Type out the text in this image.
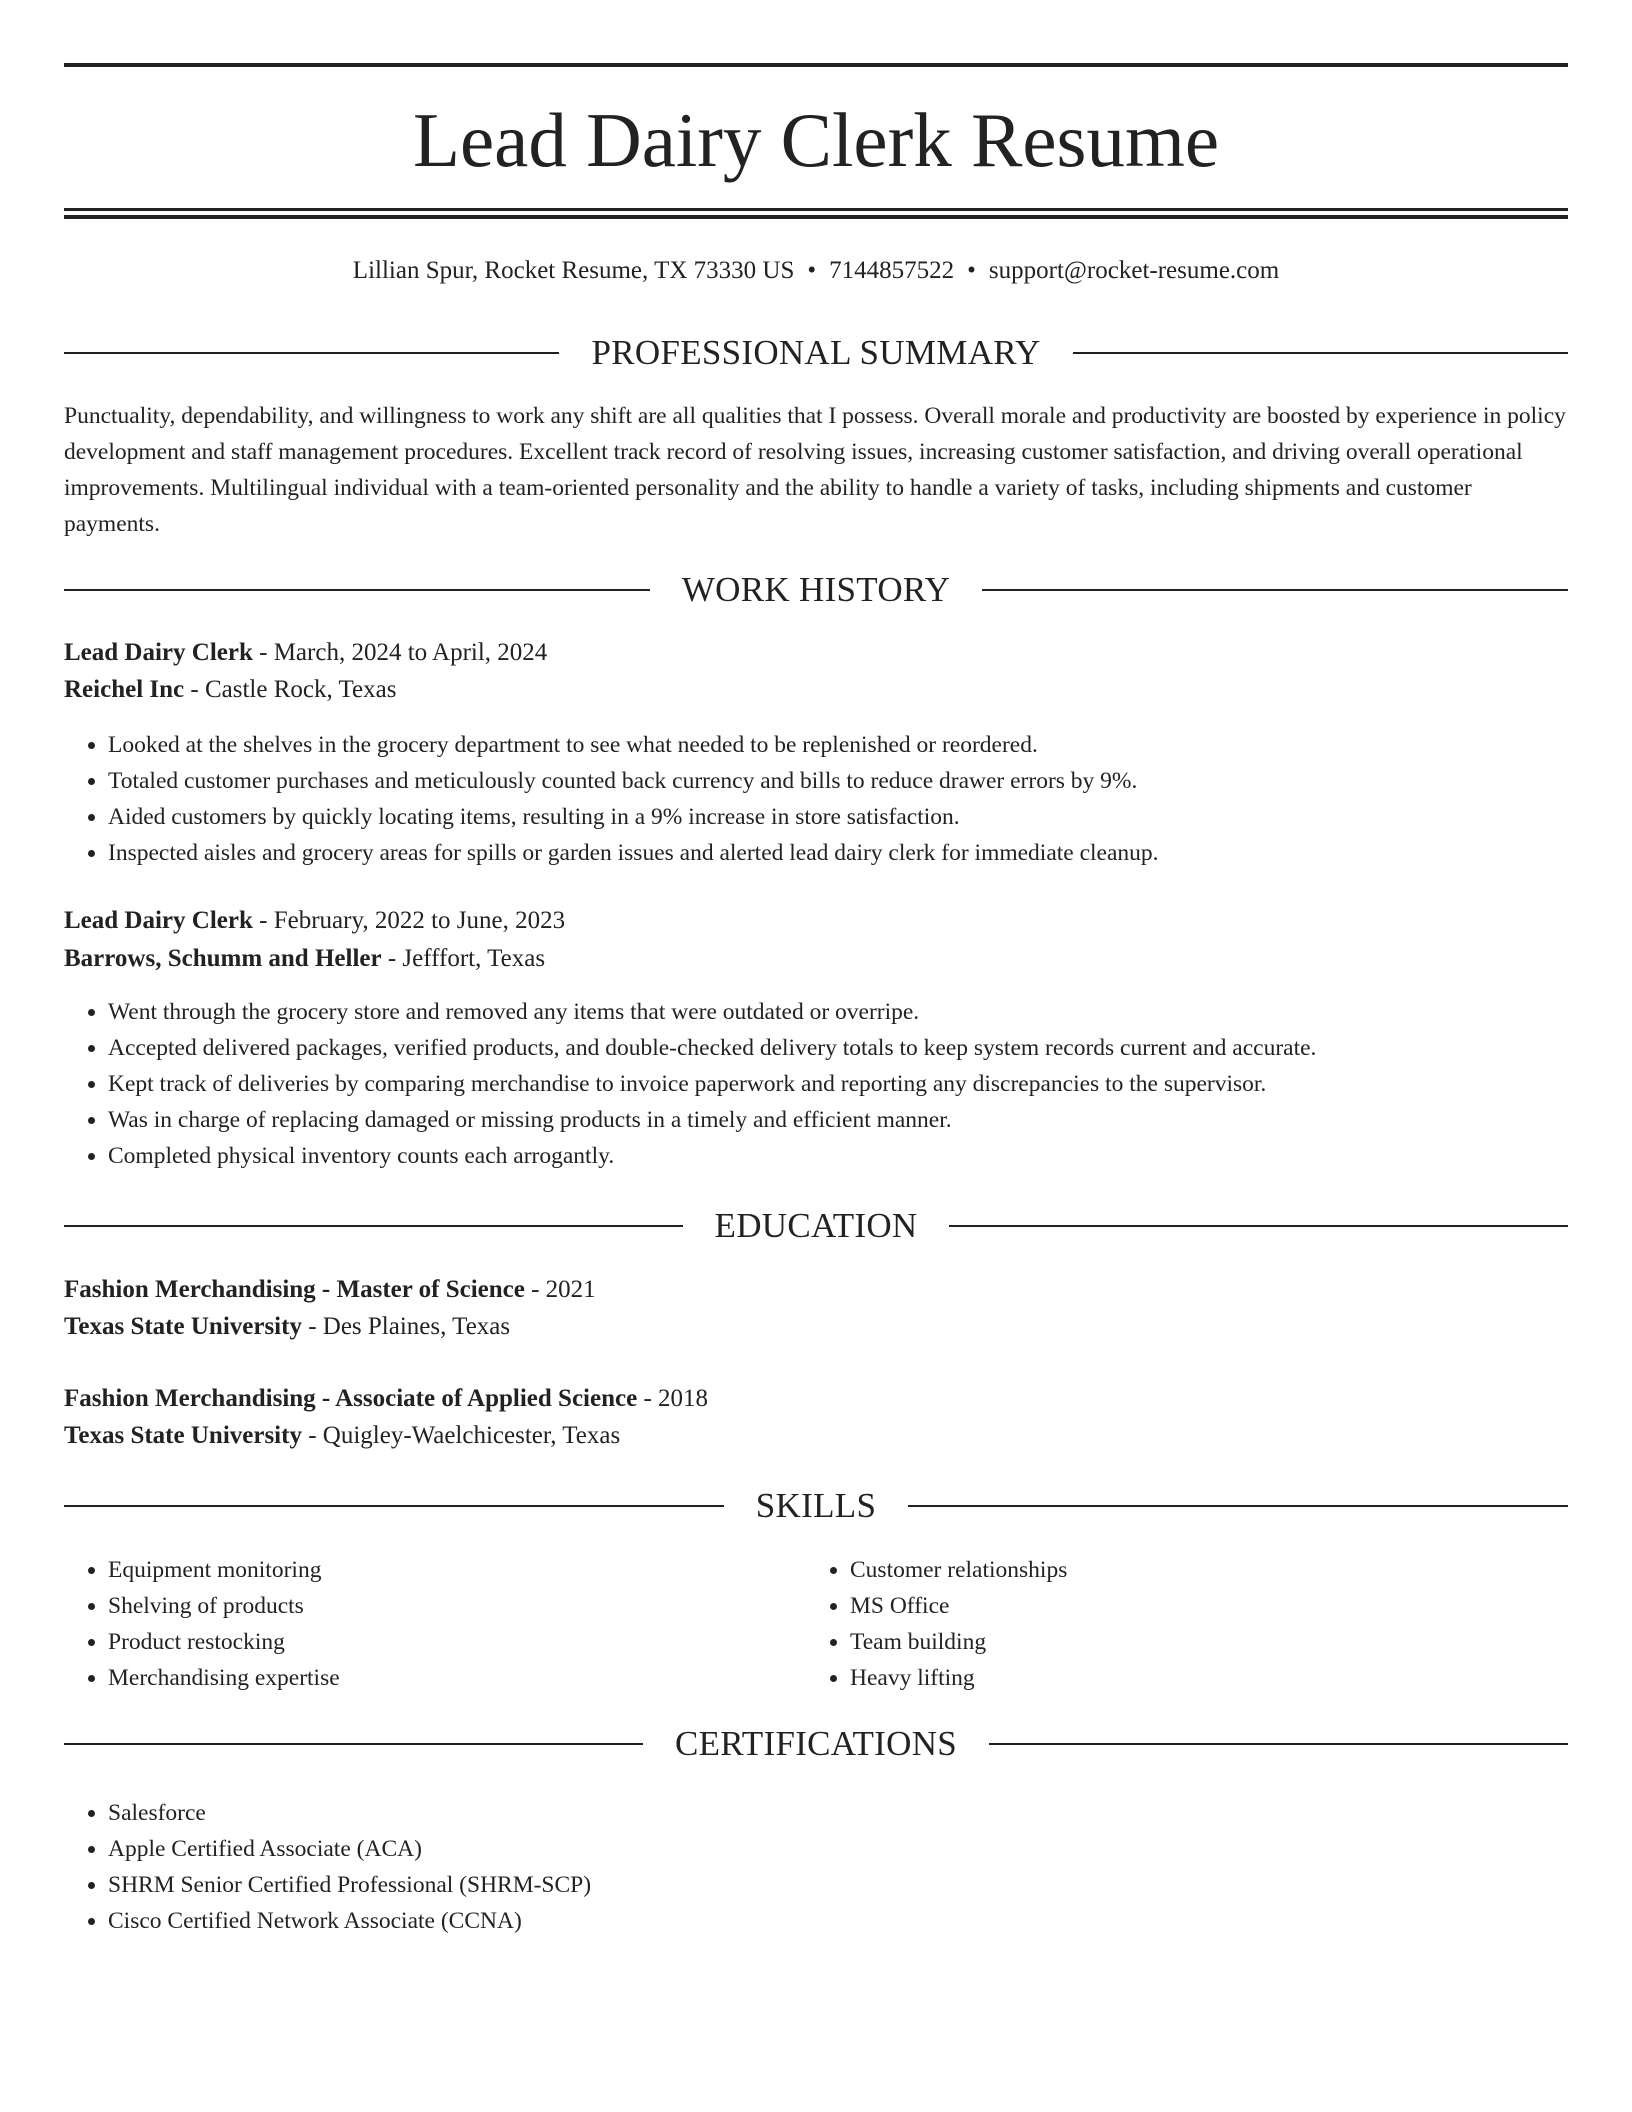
Lead Dairy Clerk Resume
Lillian Spur, Rocket Resume, TX 73330 US • 7144857522 • support@rocket-resume.com
PROFESSIONAL SUMMARY

Punctuality, dependability, and willingness to work any shift are all qualities that I possess. Overall morale and productivity are boosted by experience in policy development and staff management procedures. Excellent track record of resolving issues, increasing customer satisfaction, and driving overall operational improvements. Multilingual individual with a team-oriented personality and the ability to handle a variety of tasks, including shipments and customer payments.

WORK HISTORY
Lead Dairy Clerk - March, 2024 to April, 2024
Reichel Inc - Castle Rock, Texas
• Looked at the shelves in the grocery department to see what needed to be replenished or reordered.
• Totaled customer purchases and meticulously counted back currency and bills to reduce drawer errors by 9%.
• Aided customers by quickly locating items, resulting in a 9% increase in store satisfaction.
• Inspected aisles and grocery areas for spills or garden issues and alerted lead dairy clerk for immediate cleanup.
Lead Dairy Clerk - February, 2022 to June, 2023
Barrows, Schumm and Heller - Jefffort, Texas
• Went through the grocery store and removed any items that were outdated or overripe.
• Accepted delivered packages, verified products, and double-checked delivery totals to keep system records current and accurate.
• Kept track of deliveries by comparing merchandise to invoice paperwork and reporting any discrepancies to the supervisor.
• Was in charge of replacing damaged or missing products in a timely and efficient manner.
• Completed physical inventory counts each arrogantly.
EDUCATION
Fashion Merchandising - Master of Science - 2021
Texas State University - Des Plaines, Texas
Fashion Merchandising - Associate of Applied Science - 2018
Texas State University - Quigley-Waelchicester, Texas
SKILLS
• Equipment monitoring
• Shelving of products
• Product restocking
• Merchandising expertise
• Customer relationships
• MS Office
• Team building
• Heavy lifting
CERTIFICATIONS
• Salesforce
• Apple Certified Associate (ACA)
• SHRM Senior Certified Professional (SHRM-SCP)
• Cisco Certified Network Associate (CCNA)
